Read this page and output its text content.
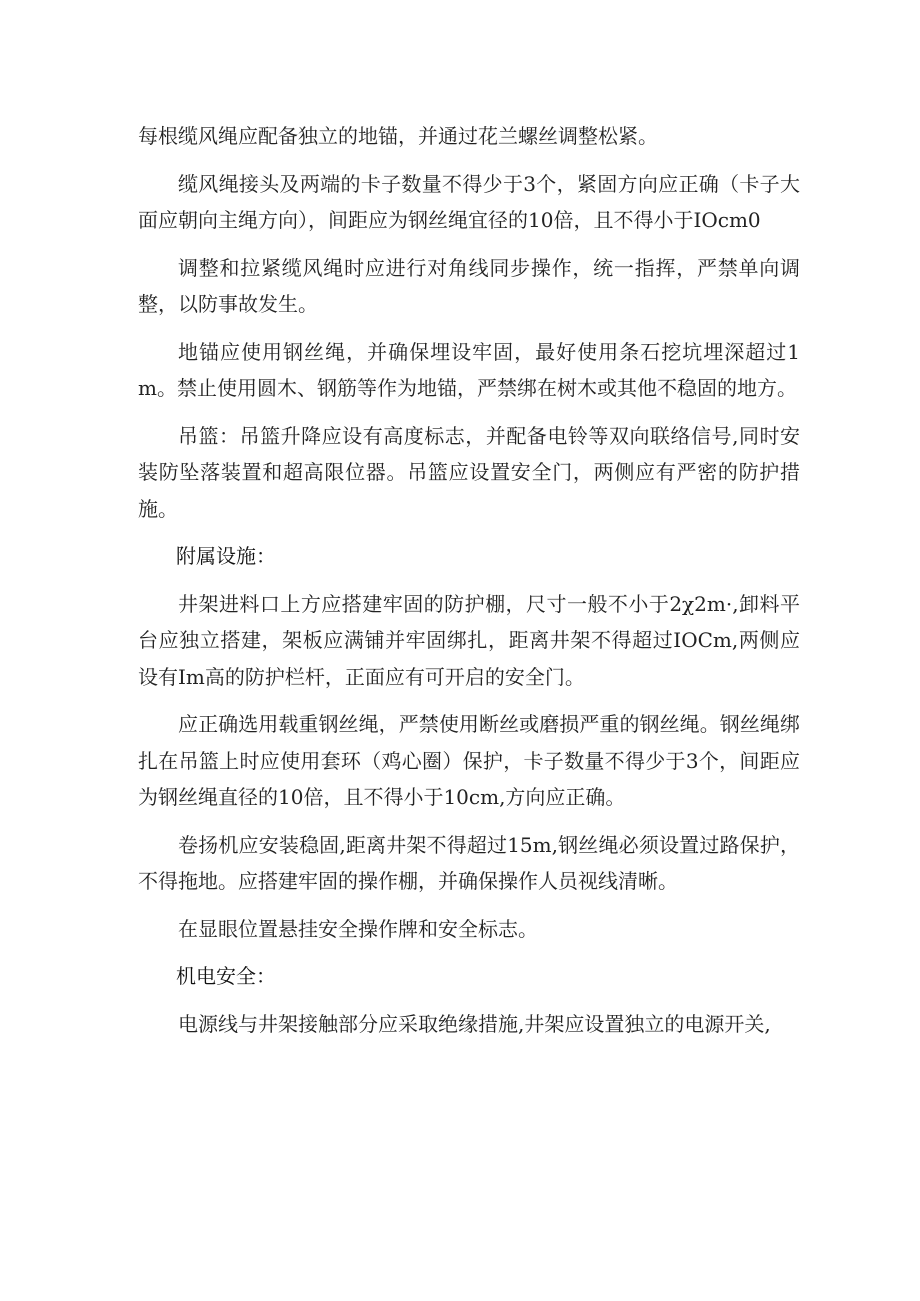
每根缆风绳应配备独立的地锚，并通过花兰螺丝调整松紧。

缆风绳接头及两端的卡子数量不得少于3个，紧固方向应正确（卡子大面应朝向主绳方向），间距应为钢丝绳宜径的10倍，且不得小于IOcm0

调整和拉紧缆风绳时应进行对角线同步操作，统一指挥，严禁单向调整，以防事故发生。

地锚应使用钢丝绳，并确保埋设牢固，最好使用条石挖坑埋深超过1m。禁止使用圆木、钢筋等作为地锚，严禁绑在树木或其他不稳固的地方。

吊篮：吊篮升降应设有高度标志，并配备电铃等双向联络信号,同时安装防坠落装置和超高限位器。吊篮应设置安全门，两侧应有严密的防护措施。

附属设施：

井架进料口上方应搭建牢固的防护棚，尺寸一般不小于2χ2m·,卸料平台应独立搭建，架板应满铺并牢固绑扎，距离井架不得超过IOCm,两侧应设有Im高的防护栏杆，正面应有可开启的安全门。

应正确选用载重钢丝绳，严禁使用断丝或磨损严重的钢丝绳。钢丝绳绑扎在吊篮上时应使用套环（鸡心圈）保护，卡子数量不得少于3个，间距应为钢丝绳直径的10倍，且不得小于10cm,方向应正确。

卷扬机应安装稳固,距离井架不得超过15m,钢丝绳必须设置过路保护，不得拖地。应搭建牢固的操作棚，并确保操作人员视线清晰。

在显眼位置悬挂安全操作牌和安全标志。

机电安全：

电源线与井架接触部分应采取绝缘措施,井架应设置独立的电源开关,
